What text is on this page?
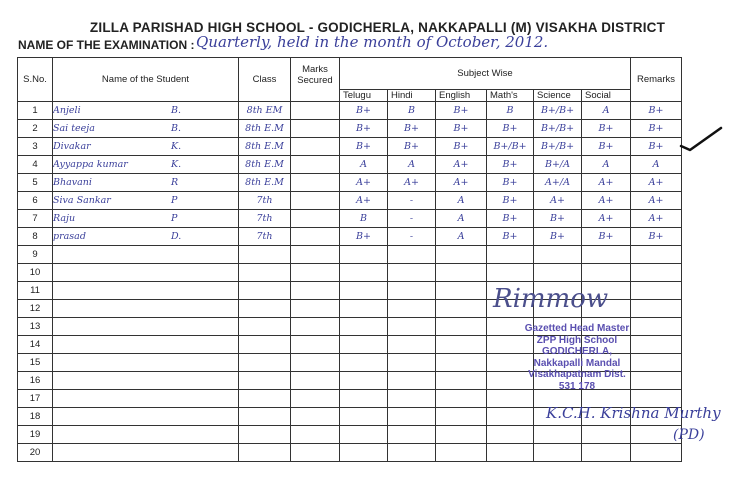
ZILLA PARISHAD HIGH SCHOOL - GODICHERLA, NAKKAPALLI (M) VISAKHA DISTRICT
NAME OF THE EXAMINATION : Quarterly, held in the month of October, 2012.
S.No.	Name of the Student	Class	Marks Secured	Subject Wise						Remarks
				Telugu	Hindi	English	Math's	Science	Social	
1	Anjeli B.	8th EM		B+	B	B+	B	B+/B+	A	B+
2	Sai teeja B.	8th E.M		B+	B+	B+	B+	B+/B+	B+	B+
3	Divakar K.	8th E.M		B+	B+	B+	B+/B+	B+/B+	B+	B+
4	Ayyappa kumar K.	8th E.M		A	A	A+	B+	B+/A	A	A
5	Bhavani R	8th E.M		A+	A+	A+	B+	A+/A	A+	A+
6	Siva Sankar P	7th		A+	-	A	B+	A+	A+	A+
7	Raju P	7th		B	-	A	B+	B+	A+	A+
8	prasad D.	7th		B+	-	A	B+	B+	B+	B+
9										
10										
11										
12										
13										
14										
15										
16										
17										
18										
19										
20										
Gazetted Head Master
ZPP High School
GODICHERLA,
Nakkapalli Mandal
Visakhapatnam Dist.
531 178
Rimmow
K.C.H. Krishna Murthy
(PD)
